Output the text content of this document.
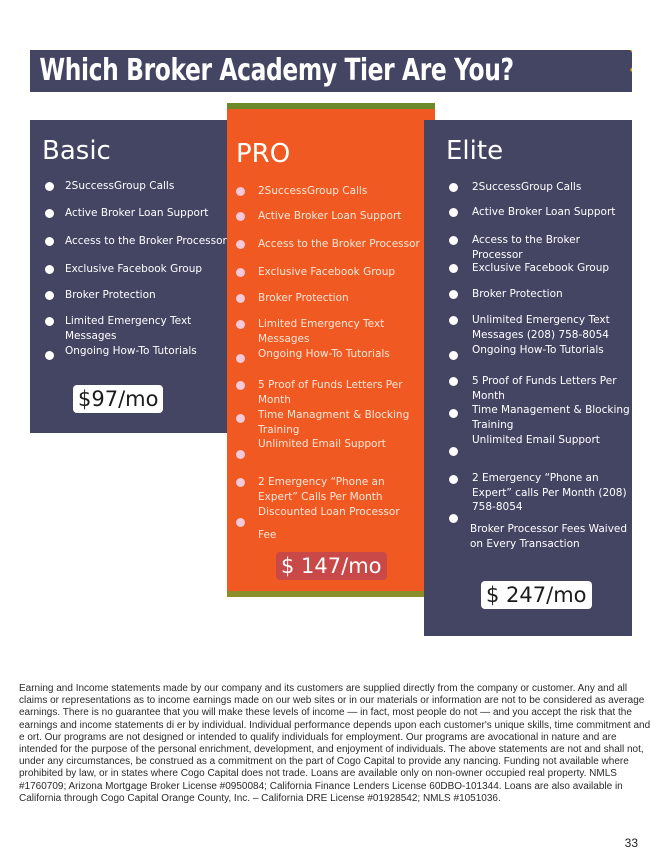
Which Broker Academy Tier Are You?
Basic
2SuccessGroup Calls
Active Broker Loan Support
Access to the Broker Processor
Exclusive Facebook Group
Broker Protection
Limited Emergency Text
Messages
Ongoing How-To Tutorials
$97/mo
PRO
2SuccessGroup Calls
Active Broker Loan Support
Access to the Broker Processor
Exclusive Facebook Group
Broker Protection
Limited Emergency Text
Messages
Ongoing How-To Tutorials
5 Proof of Funds Letters Per
Month
Time Managment & Blocking
Training
Unlimited Email Support
2 Emergency “Phone an
Expert” Calls Per Month
Discounted Loan Processor
Fee
$ 147/mo
Elite
2SuccessGroup Calls
Active Broker Loan Support
Access to the Broker Processor
Exclusive Facebook Group
Broker Protection
Unlimited Emergency Text
Messages (208) 758-8054
Ongoing How-To Tutorials
5 Proof of Funds Letters Per
Month
Time Management & Blocking
Training
Unlimited Email Support
2 Emergency “Phone an
Expert” calls Per Month (208)
758-8054
Broker Processor Fees Waived
on Every Transaction
$ 247/mo

Earning and Income statements made by our company and its customers are supplied directly from the company or customer. Any and all claims or representations as to income earnings made on our web sites or in our materials or information are not to be considered as average earnings. There is no guarantee that you will make these levels of income — in fact, most people do not — and you accept the risk that the earnings and income statements di er by individual. Individual performance depends upon each customer's unique skills, time commitment and e ort. Our programs are not designed or intended to qualify individuals for employment. Our programs are avocational in nature and are intended for the purpose of the personal enrichment, development, and enjoyment of individuals. The above statements are not and shall not, under any circumstances, be construed as a commitment on the part of Cogo Capital to provide any nancing. Funding not available where prohibited by law, or in states where Cogo Capital does not trade. Loans are available only on non-owner occupied real property. NMLS #1760709; Arizona Mortgage Broker License #0950084; California Finance Lenders License 60DBO-101344. Loans are also available in California through Cogo Capital Orange County, Inc. – California DRE License #01928542; NMLS #1051036.

33
